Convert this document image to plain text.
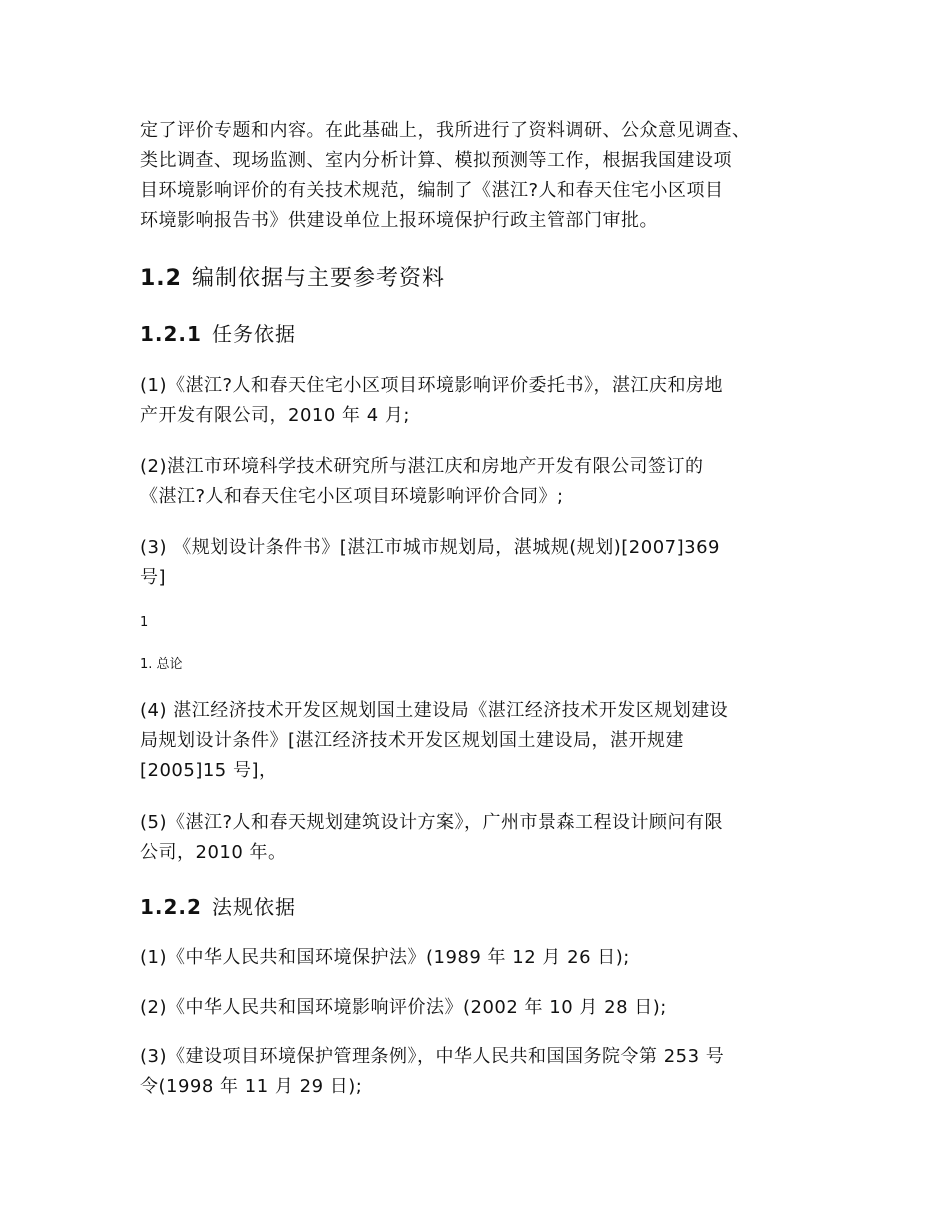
定了评价专题和内容。在此基础上，我所进行了资料调研、公众意见调查、
类比调查、现场监测、室内分析计算、模拟预测等工作，根据我国建设项
目环境影响评价的有关技术规范，编制了《湛江?人和春天住宅小区项目
环境影响报告书》供建设单位上报环境保护行政主管部门审批。
1.2 编制依据与主要参考资料
1.2.1 任务依据
(1)《湛江?人和春天住宅小区项目环境影响评价委托书》，湛江庆和房地
产开发有限公司，2010 年 4 月;
(2)湛江市环境科学技术研究所与湛江庆和房地产开发有限公司签订的
《湛江?人和春天住宅小区项目环境影响评价合同》;
(3) 《规划设计条件书》[湛江市城市规划局，湛城规(规划)[2007]369
号]
1
1. 总论
(4) 湛江经济技术开发区规划国土建设局《湛江经济技术开发区规划建设
局规划设计条件》[湛江经济技术开发区规划国土建设局，湛开规建
[2005]15 号]，
(5)《湛江?人和春天规划建筑设计方案》，广州市景森工程设计顾问有限
公司，2010 年。
1.2.2 法规依据
(1)《中华人民共和国环境保护法》(1989 年 12 月 26 日);
(2)《中华人民共和国环境影响评价法》(2002 年 10 月 28 日);
(3)《建设项目环境保护管理条例》，中华人民共和国国务院令第 253 号
令(1998 年 11 月 29 日);
